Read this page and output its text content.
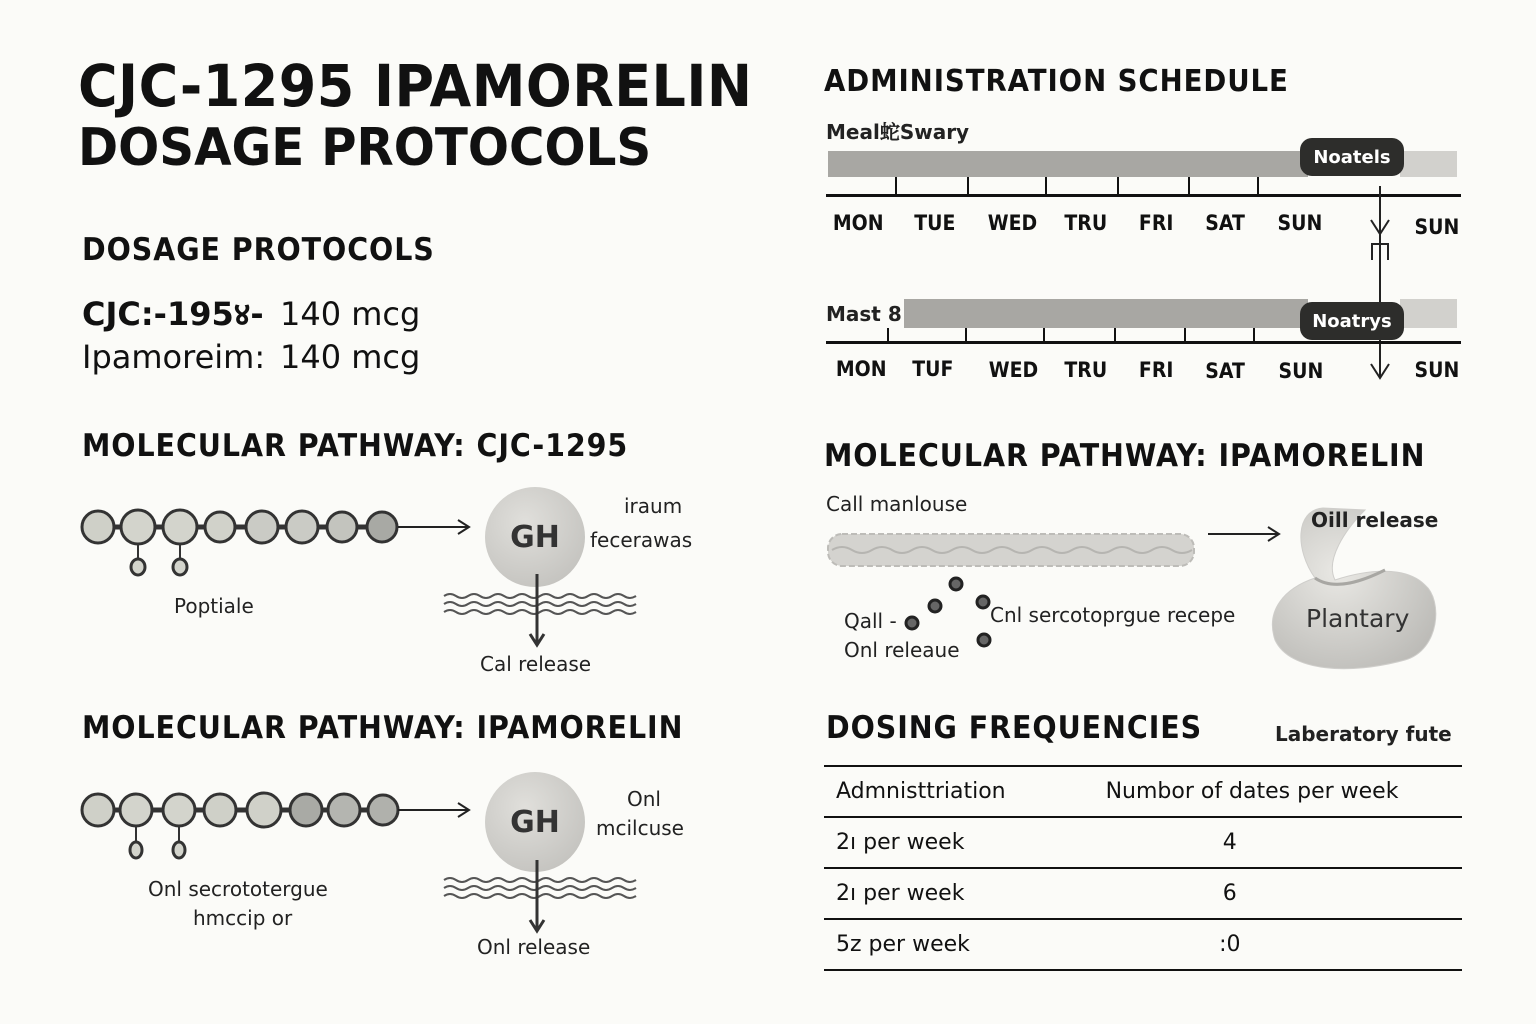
CJC-1295 IPAMORELIN
DOSAGE PROTOCOLS
DOSAGE PROTOCOLS
CJC:-195४- 140 mcg
Ipamoreim: 140 mcg
MOLECULAR PATHWAY: CJC-1295
Poptiale
GH
iraum
fecerawas
Cal release
MOLECULAR PATHWAY: IPAMORELIN
Onl secrototergue
hmccip or
GH
Onl
mcilcuse
Onl release
ADMINISTRATION SCHEDULE
Meal蛇Swary
Noatels
MON TUE WED TRU FRI SAT SUN	SUN
Mast 8	Noatrys
MON TUF WED TRU FRI SAT SUN	SUN
MOLECULAR PATHWAY: IPAMORELIN
Call manlouse
Qall -
Onl releaue
Cnl sercotoprgue recepe
Oill release
Plantary
DOSING FREQUENCIES	Laberatory fute
Admnisttriation	Numbor of dates per week
2ı per week	4
2ı per week	6
5z per week	:0
